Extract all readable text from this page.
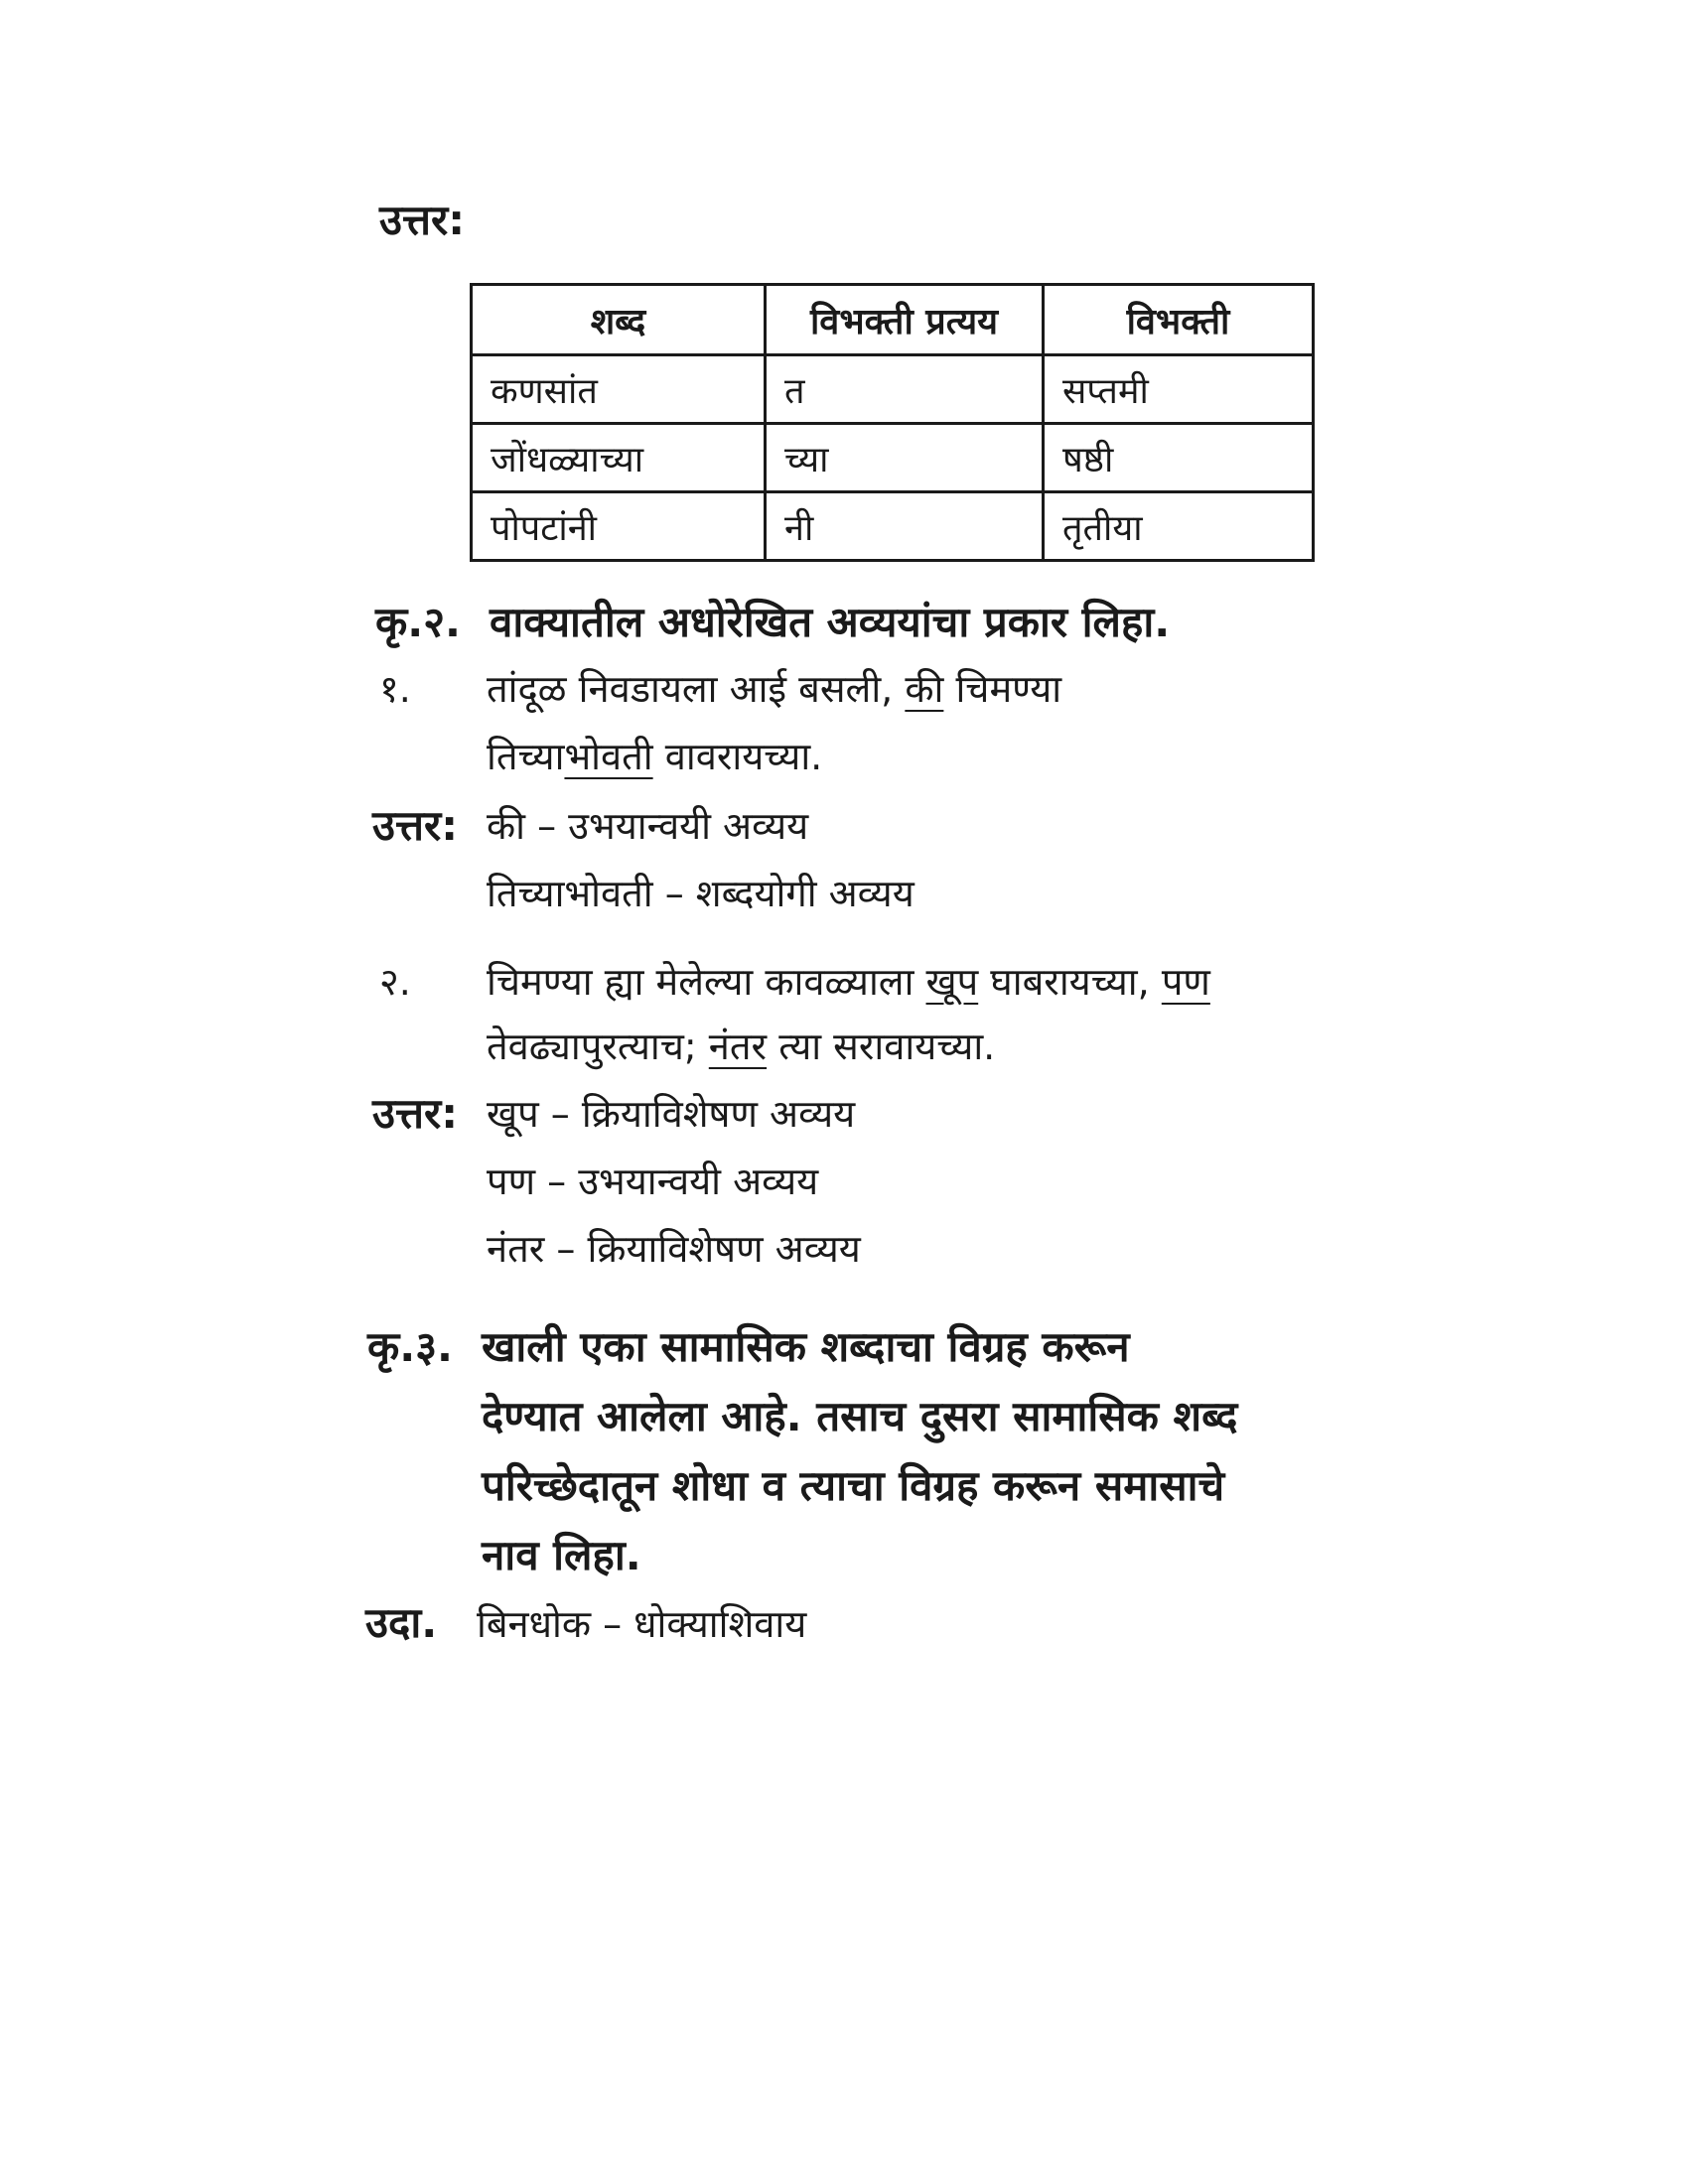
उत्तर:
शब्द	विभक्ती प्रत्यय	विभक्ती
कणसांत	त	सप्तमी
जोंधळ्याच्या	च्या	षष्ठी
पोपटांनी	नी	तृतीया
कृ.२. वाक्यातील अधोरेखित अव्ययांचा प्रकार लिहा.
१. तांदूळ निवडायला आई बसली, की चिमण्या
तिच्याभोवती वावरायच्या.
उत्तर: की – उभयान्वयी अव्यय
तिच्याभोवती – शब्दयोगी अव्यय
२. चिमण्या ह्या मेलेल्या कावळ्याला खूप घाबरायच्या, पण
तेवढ्यापुरत्याच; नंतर त्या सरावायच्या.
उत्तर: खूप – क्रियाविशेषण अव्यय
पण – उभयान्वयी अव्यय
नंतर – क्रियाविशेषण अव्यय
कृ.३. खाली एका सामासिक शब्दाचा विग्रह करून
देण्यात आलेला आहे. तसाच दुसरा सामासिक शब्द
परिच्छेदातून शोधा व त्याचा विग्रह करून समासाचे
नाव लिहा.
उदा. बिनधोक – धोक्याशिवाय
